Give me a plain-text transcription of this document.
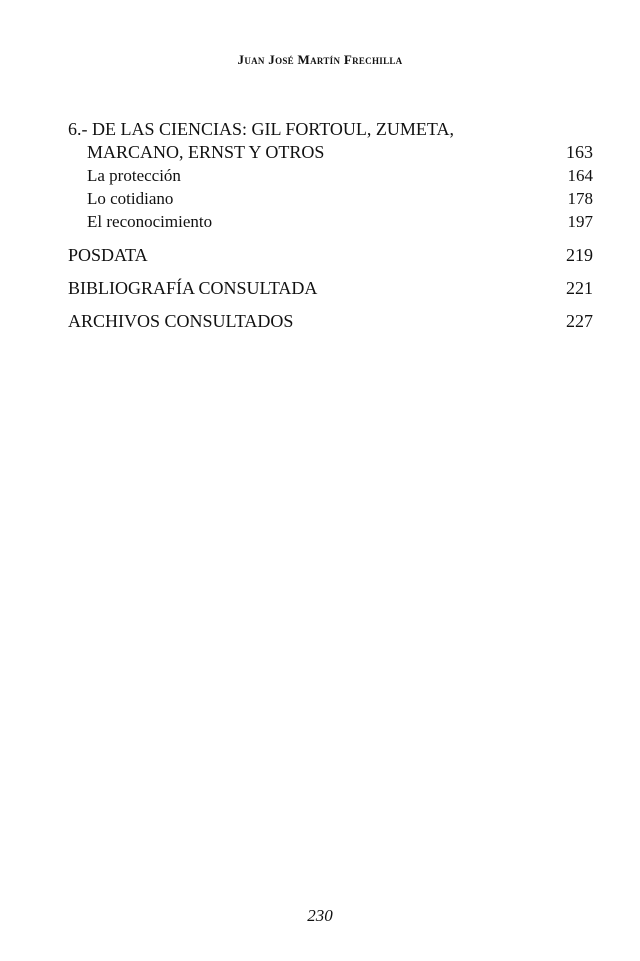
Juan José Martín Frechilla
6.- DE LAS CIENCIAS: GIL FORTOUL, ZUMETA,
MARCANO, ERNST Y OTROS	163
La protección	164
Lo cotidiano	178
El reconocimiento	197
POSDATA	219
BIBLIOGRAFÍA CONSULTADA	221
ARCHIVOS CONSULTADOS	227
230
